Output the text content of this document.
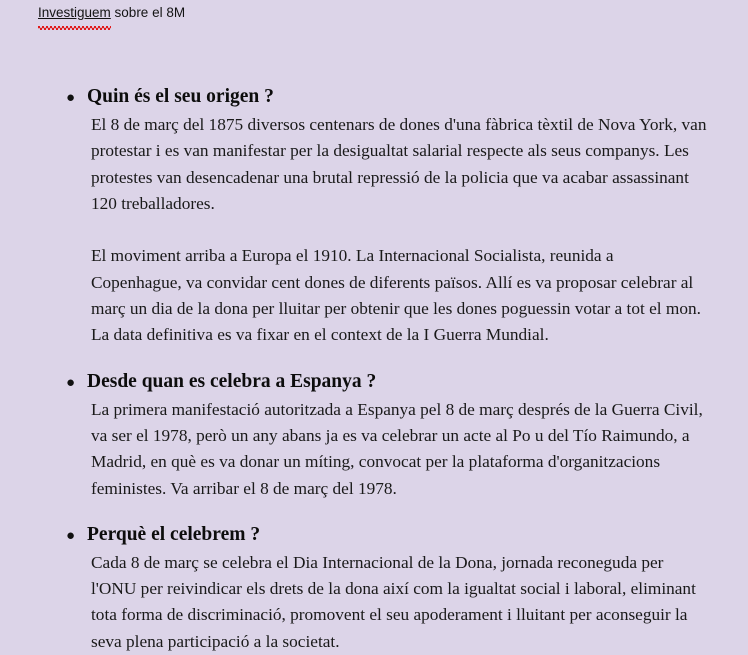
Investiguem sobre el 8M
● Quin és el seu origen ?

El 8 de març del 1875 diversos centenars de dones d'una fàbrica tèxtil de Nova York, van protestar i es van manifestar per la desigualtat salarial respecte als seus companys. Les protestes van desencadenar una brutal repressió de la policia que va acabar assassinant 120 treballadores.

El moviment arriba a Europa el 1910. La Internacional Socialista, reunida a Copenhague, va convidar cent dones de diferents països. Allí es va proposar celebrar al març un dia de la dona per lluitar per obtenir que les dones poguessin votar a tot el mon. La data definitiva es va fixar en el context de la I Guerra Mundial.

● Desde quan es celebra a Espanya ?

La primera manifestació autoritzada a Espanya pel 8 de març després de la Guerra Civil, va ser el 1978, però un any abans ja es va celebrar un acte al Po u del Tío Raimundo, a Madrid, en què es va donar un míting, convocat per la plataforma d'organitzacions feministes. Va arribar el 8 de març del 1978.

● Perquè el celebrem ?

Cada 8 de març se celebra el Dia Internacional de la Dona, jornada reconeguda per l'ONU per reivindicar els drets de la dona així com la igualtat social i laboral, eliminant tota forma de discriminació, promovent el seu apoderament i lluitant per aconseguir la seva plena participació a la societat.
